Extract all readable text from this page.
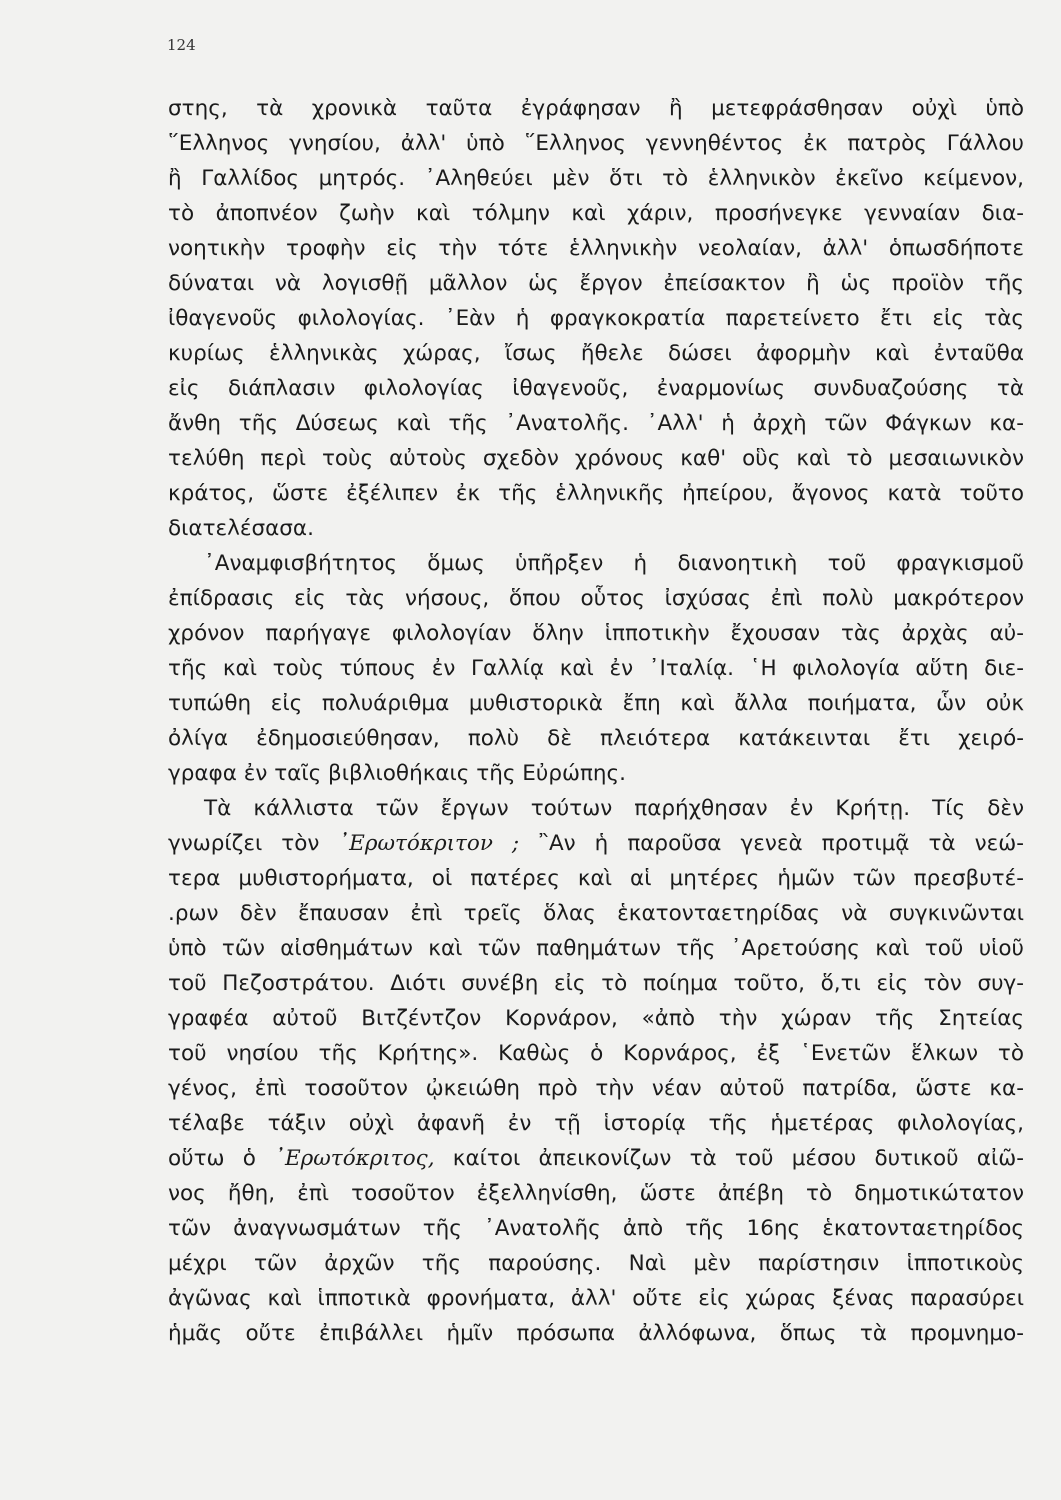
124
στης, τὰ χρονικὰ ταῦτα ἐγράφησαν ἢ μετεφράσθησαν οὐχὶ ὑπὸ
῞Ελληνος γνησίου, ἀλλ' ὑπὸ ῞Ελληνος γεννηθέντος ἐκ πατρὸς Γάλλου
ἢ Γαλλίδος μητρός. ᾿Αληθεύει μὲν ὅτι τὸ ἑλληνικὸν ἐκεῖνο κείμενον,
τὸ ἀποπνέον ζωὴν καὶ τόλμην καὶ χάριν, προσήνεγκε γενναίαν δια-
νοητικὴν τροφὴν εἰς τὴν τότε ἑλληνικὴν νεολαίαν, ἀλλ' ὁπωσδήποτε
δύναται νὰ λογισθῇ μᾶλλον ὡς ἔργον ἐπείσακτον ἢ ὡς προϊὸν τῆς
ἰθαγενοῦς φιλολογίας. ᾿Εὰν ἡ φραγκοκρατία παρετείνετο ἔτι εἰς τὰς
κυρίως ἑλληνικὰς χώρας, ἴσως ἤθελε δώσει ἀφορμὴν καὶ ἐνταῦθα
εἰς διάπλασιν φιλολογίας ἰθαγενοῦς, ἐναρμονίως συνδυαζούσης τὰ
ἄνθη τῆς Δύσεως καὶ τῆς ᾿Ανατολῆς. ᾿Αλλ' ἡ ἀρχὴ τῶν Φάγκων κα-
τελύθη περὶ τοὺς αὐτοὺς σχεδὸν χρόνους καθ' οὓς καὶ τὸ μεσαιωνικὸν
κράτος, ὥστε ἐξέλιπεν ἐκ τῆς ἑλληνικῆς ἠπείρου, ἄγονος κατὰ τοῦτο
διατελέσασα.
᾿Αναμφισβήτητος ὅμως ὑπῆρξεν ἡ διανοητικὴ τοῦ φραγκισμοῦ
ἐπίδρασις εἰς τὰς νήσους, ὅπου οὗτος ἰσχύσας ἐπὶ πολὺ μακρότερον
χρόνον παρήγαγε φιλολογίαν ὅλην ἱπποτικὴν ἔχουσαν τὰς ἀρχὰς αὐ-
τῆς καὶ τοὺς τύπους ἐν Γαλλίᾳ καὶ ἐν ᾿Ιταλίᾳ. ῾Η φιλολογία αὕτη διε-
τυπώθη εἰς πολυάριθμα μυθιστορικὰ ἔπη καὶ ἄλλα ποιήματα, ὧν οὐκ
ὀλίγα ἐδημοσιεύθησαν, πολὺ δὲ πλειότερα κατάκεινται ἔτι χειρό-
γραφα ἐν ταῖς βιβλιοθήκαις τῆς Εὐρώπης.
Τὰ κάλλιστα τῶν ἔργων τούτων παρήχθησαν ἐν Κρήτῃ. Τίς δὲν
γνωρίζει τὸν ᾿Ερωτόκριτον ; ῍Αν ἡ παροῦσα γενεὰ προτιμᾷ τὰ νεώ-
τερα μυθιστορήματα, οἱ πατέρες καὶ αἱ μητέρες ἡμῶν τῶν πρεσβυτέ-
.ρων δὲν ἔπαυσαν ἐπὶ τρεῖς ὅλας ἑκατονταετηρίδας νὰ συγκινῶνται
ὑπὸ τῶν αἰσθημάτων καὶ τῶν παθημάτων τῆς ᾿Αρετούσης καὶ τοῦ υἱοῦ
τοῦ Πεζοστράτου. Διότι συνέβη εἰς τὸ ποίημα τοῦτο, ὅ,τι εἰς τὸν συγ-
γραφέα αὐτοῦ Βιτζέντζον Κορνάρον, «ἀπὸ τὴν χώραν τῆς Σητείας
τοῦ νησίου τῆς Κρήτης». Καθὼς ὁ Κορνάρος, ἐξ ῾Ενετῶν ἕλκων τὸ
γένος, ἐπὶ τοσοῦτον ᾠκειώθη πρὸ τὴν νέαν αὐτοῦ πατρίδα, ὥστε κα-
τέλαβε τάξιν οὐχὶ ἀφανῆ ἐν τῇ ἱστορίᾳ τῆς ἡμετέρας φιλολογίας,
οὕτω ὁ ᾿Ερωτόκριτος, καίτοι ἀπεικονίζων τὰ τοῦ μέσου δυτικοῦ αἰῶ-
νος ἤθη, ἐπὶ τοσοῦτον ἐξελληνίσθη, ὥστε ἀπέβη τὸ δημοτικώτατον
τῶν ἀναγνωσμάτων τῆς ᾿Ανατολῆς ἀπὸ τῆς 16ης ἑκατονταετηρίδος
μέχρι τῶν ἀρχῶν τῆς παρούσης. Ναὶ μὲν παρίστησιν ἱπποτικοὺς
ἀγῶνας καὶ ἱπποτικὰ φρονήματα, ἀλλ' οὔτε εἰς χώρας ξένας παρασύρει
ἡμᾶς οὔτε ἐπιβάλλει ἡμῖν πρόσωπα ἀλλόφωνα, ὅπως τὰ προμνημο-
